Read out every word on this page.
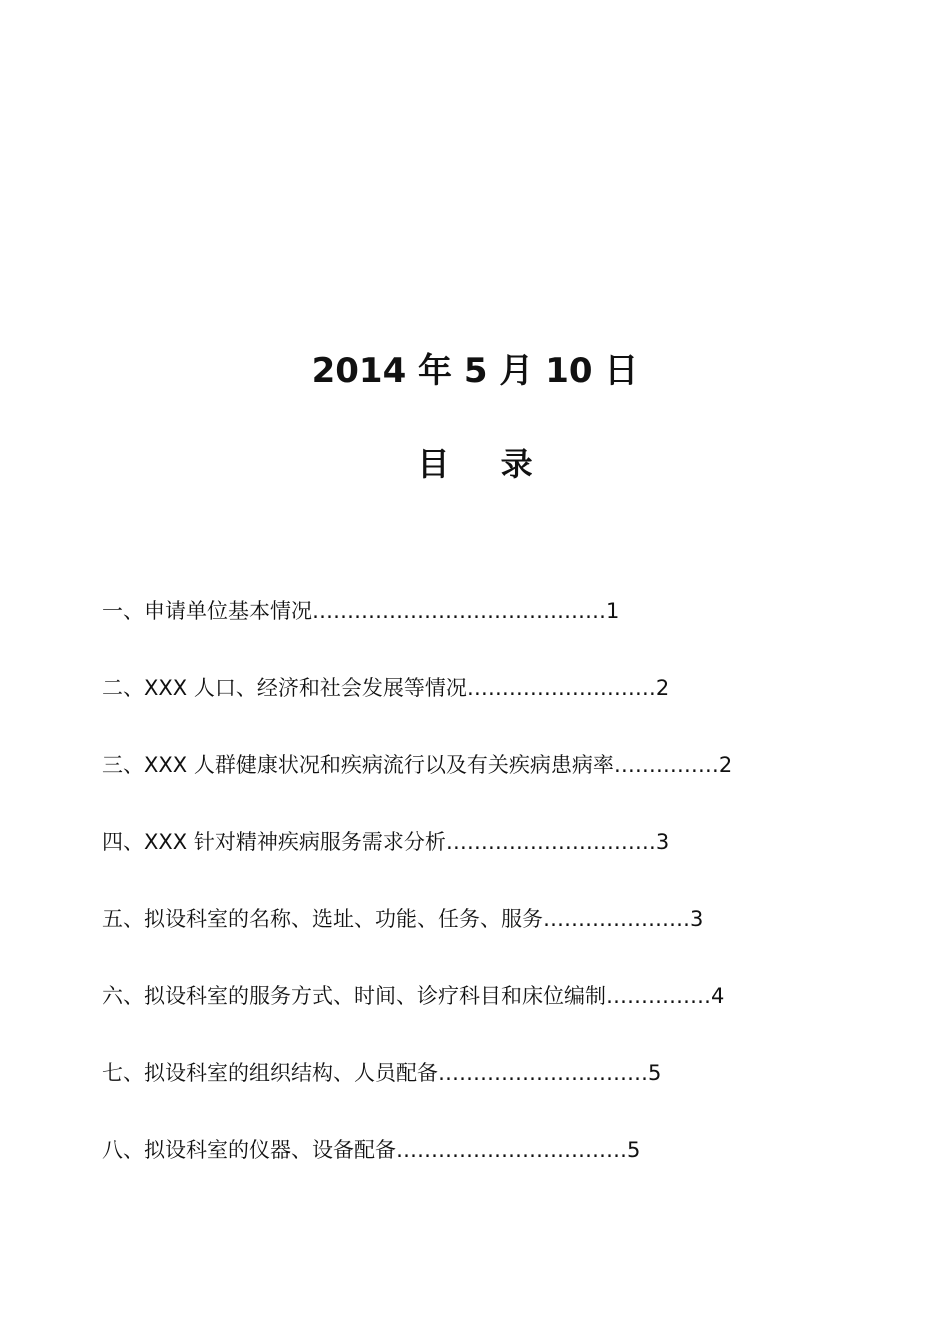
2014 年 5 月 10 日
目 录
一、申请单位基本情况……………………………………1
二、XXX 人口、经济和社会发展等情况………………………2
三、XXX 人群健康状况和疾病流行以及有关疾病患病率……………2
四、XXX 针对精神疾病服务需求分析…………………………3
五、拟设科室的名称、选址、功能、任务、服务…………………3
六、拟设科室的服务方式、时间、诊疗科目和床位编制……………4
七、拟设科室的组织结构、人员配备…………………………5
八、拟设科室的仪器、设备配备……………………………5
